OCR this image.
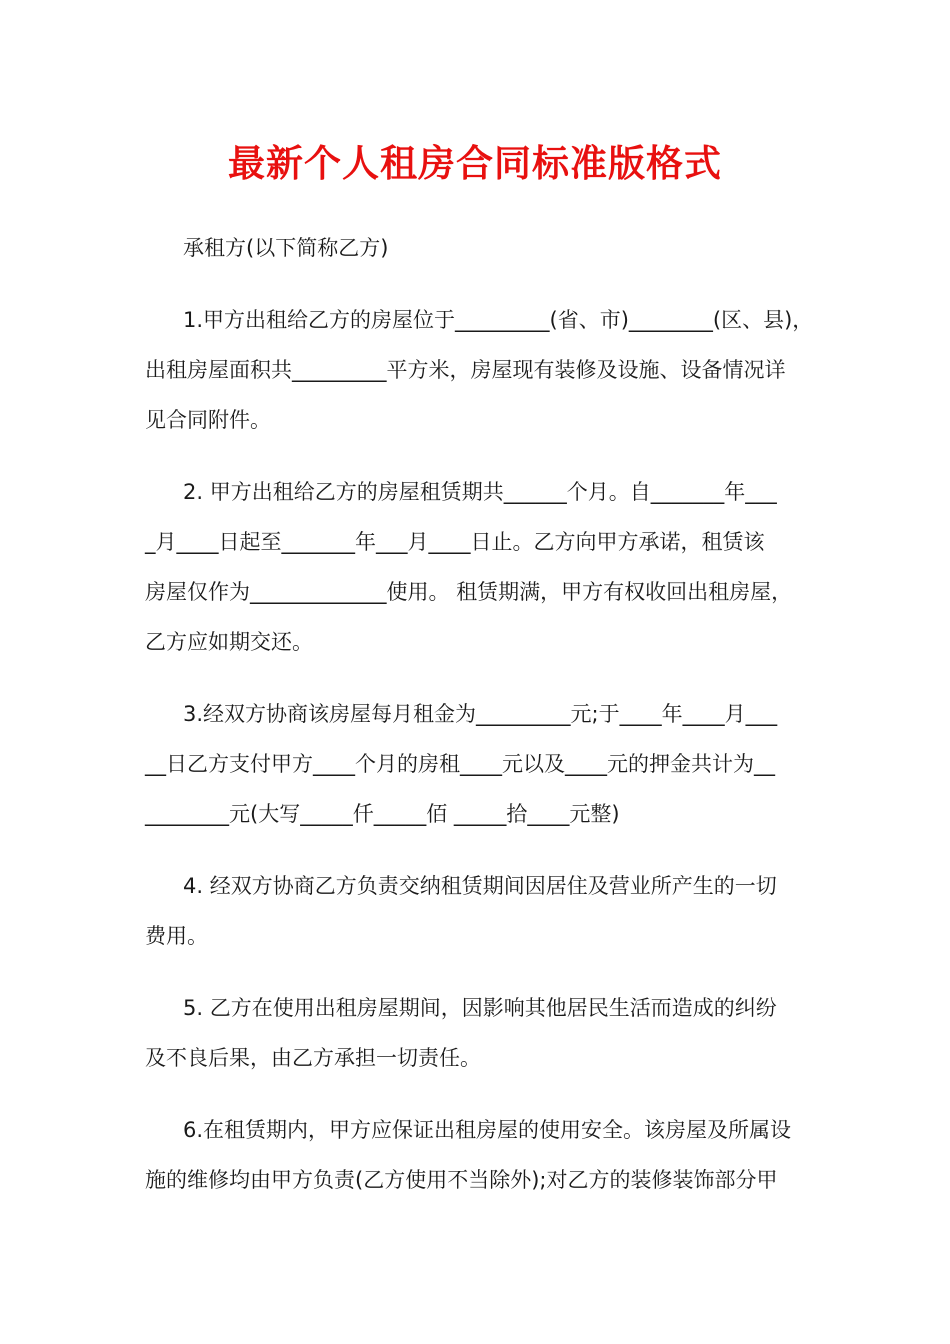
最新个人租房合同标准版格式
承租方(以下简称乙方)
1.甲方出租给乙方的房屋位于_________(省、市)________(区、县)，
出租房屋面积共_________平方米，房屋现有装修及设施、设备情况详
见合同附件。
2. 甲方出租给乙方的房屋租赁期共______个月。自_______年___
_月____日起至_______年___月____日止。乙方向甲方承诺，租赁该
房屋仅作为_____________使用。 租赁期满，甲方有权收回出租房屋，
乙方应如期交还。
3.经双方协商该房屋每月租金为_________元;于____年____月___
__日乙方支付甲方____个月的房租____元以及____元的押金共计为__
________元(大写_____仟_____佰 _____拾____元整)
4. 经双方协商乙方负责交纳租赁期间因居住及营业所产生的一切
费用。
5. 乙方在使用出租房屋期间，因影响其他居民生活而造成的纠纷
及不良后果，由乙方承担一切责任。
6.在租赁期内，甲方应保证出租房屋的使用安全。该房屋及所属设
施的维修均由甲方负责(乙方使用不当除外);对乙方的装修装饰部分甲
